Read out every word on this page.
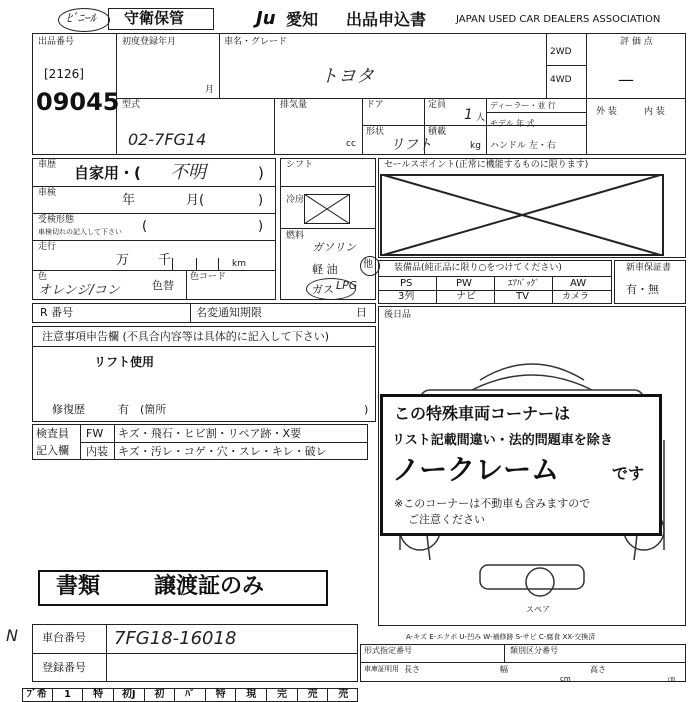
ﾋﾞﾆｰﾙ 守衛保管	Ju 愛知 出品申込書	JAPAN USED CAR DEALERS ASSOCIATION
出品番号
[2126]
09045
初度登録年月
月
車名・グレード
トヨタ
2WD
4WD
評 価 点
—
外 装	内 装
型式
02-7FG14
排気量
cc
ドア	定員
1 人
ディーラー・並 行
モデル 年 式
形状
リフト
積載
kg ハンドル 左・右
車歴 自家用・( 不明	)
車検	年	月(	)
受検形態
車検切れの記入して下さい (	)
走行
万 千	km
色
オレンジ/コン	色替
色コード
シフト
冷房
燃料
ガソリン
軽 油
ガス LPG
他
セールスポイント(正常に機能するものに限ります)
装備品(純正品に限り○をつけてください)
PS	PW	ｴｱﾊﾞｯｸﾞ	AW
3列	ナビ	TV	カメラ
新車保証書
有・無
R 番号	名変通知期限	日
注意事項申告欄 (不具合内容等は具体的に記入して下さい)
リフト使用
修復歴	有 (箇所	)
検査員
記入欄
FW キズ・飛石・ヒビ割・リペア跡・X要
内装 キズ・汚レ・コゲ・穴・スレ・キレ・破レ
後日品
スペア
この特殊車両コーナーは
リスト記載間違い・法的問題車を除き
ノークレーム	です
※このコーナーは不動車も含みますので
ご注意ください
書類 譲渡証のみ
N 車台番号 7FG18-16018
登録番号
A-キズ E-エクボ U-凹み W-補修跡 S-サビ C-腐食 XX-交換済
形式指定番号	類別区分番号
車庫証明用 長さ	幅	高さ
cm	㎝
ﾌﾞ希	1	特	初J	初	ﾊﾟ	特	現	完	売	売
